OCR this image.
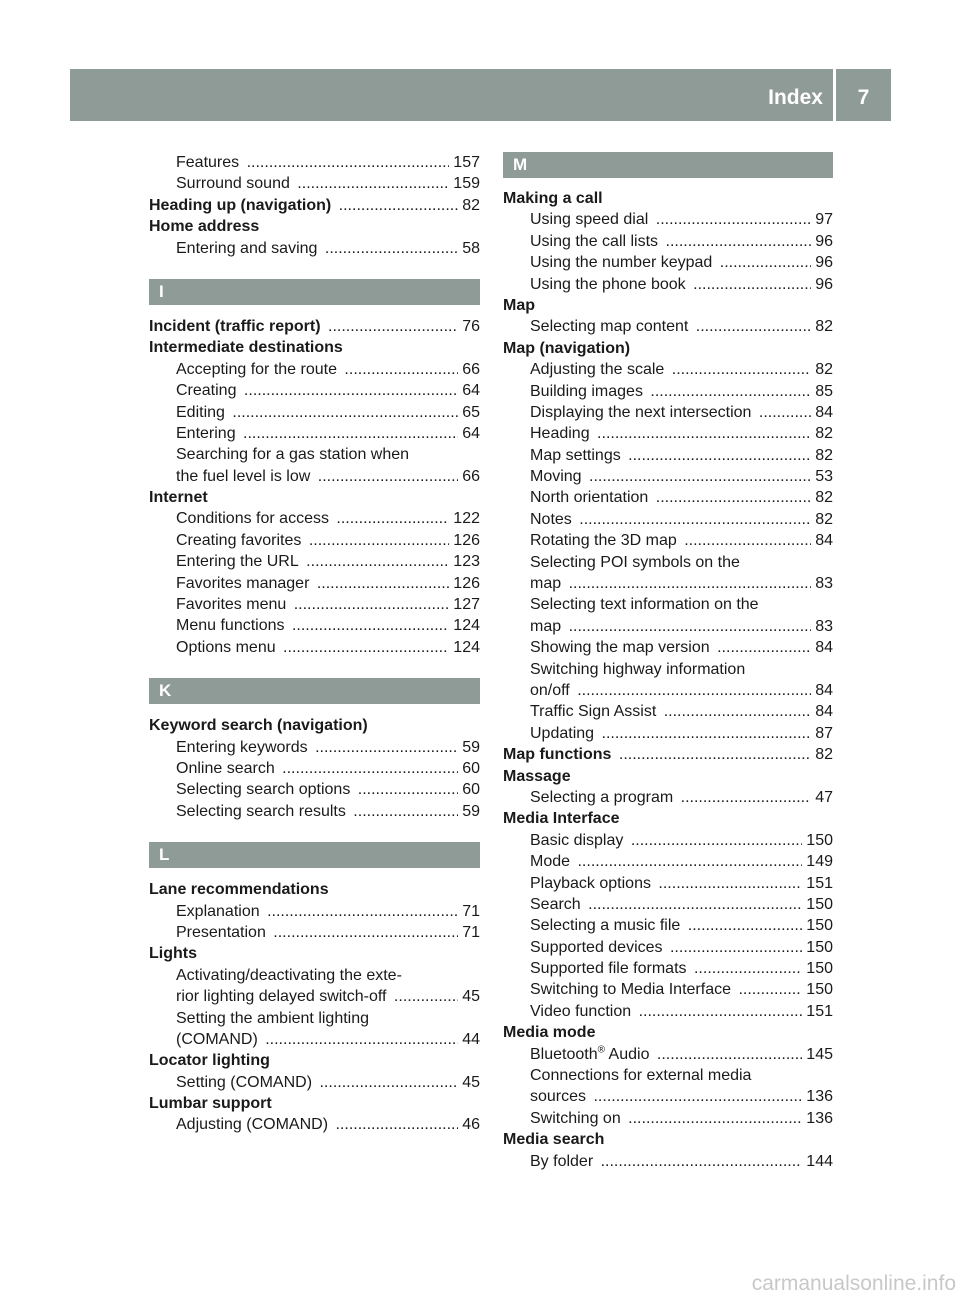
Index	7
Features .....	157
Surround sound .....	159
Heading up (navigation) .....	82
Home address
Entering and saving .....	58
I
Incident (traffic report) .....	76
Intermediate destinations
Accepting for the route .....	66
Creating .....	64
Editing .....	65
Entering .....	64
Searching for a gas station when
the fuel level is low .....	66
Internet
Conditions for access .....	122
Creating favorites .....	126
Entering the URL .....	123
Favorites manager .....	126
Favorites menu .....	127
Menu functions .....	124
Options menu .....	124
K
Keyword search (navigation)
Entering keywords .....	59
Online search .....	60
Selecting search options .....	60
Selecting search results .....	59
L
Lane recommendations
Explanation .....	71
Presentation .....	71
Lights
Activating/deactivating the exte-
rior lighting delayed switch-off .....	45
Setting the ambient lighting
(COMAND) .....	44
Locator lighting
Setting (COMAND) .....	45
Lumbar support
Adjusting (COMAND) .....	46
M
Making a call
Using speed dial .....	97
Using the call lists .....	96
Using the number keypad .....	96
Using the phone book .....	96
Map
Selecting map content .....	82
Map (navigation)
Adjusting the scale .....	82
Building images .....	85
Displaying the next intersection .....	84
Heading .....	82
Map settings .....	82
Moving .....	53
North orientation .....	82
Notes .....	82
Rotating the 3D map .....	84
Selecting POI symbols on the
map .....	83
Selecting text information on the
map .....	83
Showing the map version .....	84
Switching highway information
on/off .....	84
Traffic Sign Assist .....	84
Updating .....	87
Map functions .....	82
Massage
Selecting a program .....	47
Media Interface
Basic display .....	150
Mode .....	149
Playback options .....	151
Search .....	150
Selecting a music file .....	150
Supported devices .....	150
Supported file formats .....	150
Switching to Media Interface .....	150
Video function .....	151
Media mode
Bluetooth® Audio .....	145
Connections for external media
sources .....	136
Switching on .....	136
Media search
By folder .....	144
carmanualsonline.info
